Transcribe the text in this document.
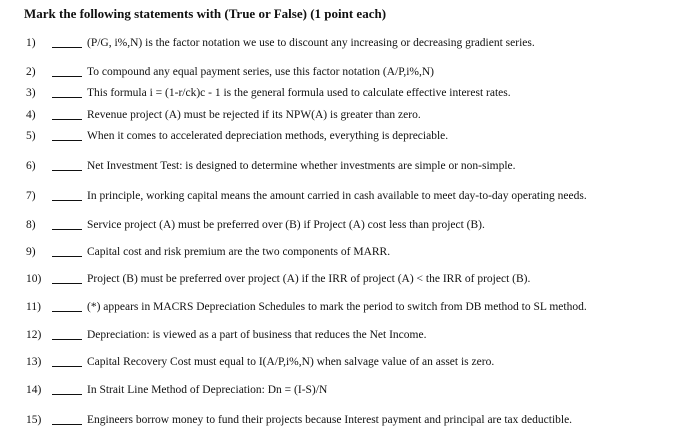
Mark the following statements with (True or False) (1 point each)
1)	(P/G, i%,N) is the factor notation we use to discount any increasing or decreasing gradient series.
2)	To compound any equal payment series, use this factor notation (A/P,i%,N)
3)	This formula i = (1-r/ck)c - 1 is the general formula used to calculate effective interest rates.
4)	Revenue project (A) must be rejected if its NPW(A) is greater than zero.
5)	When it comes to accelerated depreciation methods, everything is depreciable.
6)	Net Investment Test: is designed to determine whether investments are simple or non-simple.
7)	In principle, working capital means the amount carried in cash available to meet day-to-day operating needs.
8)	Service project (A) must be preferred over (B) if Project (A) cost less than project (B).
9)	Capital cost and risk premium are the two components of MARR.
10)	Project (B) must be preferred over project (A) if the IRR of project (A) < the IRR of project (B).
11)	(*) appears in MACRS Depreciation Schedules to mark the period to switch from DB method to SL method.
12)	Depreciation: is viewed as a part of business that reduces the Net Income.
13)	Capital Recovery Cost must equal to I(A/P,i%,N) when salvage value of an asset is zero.
14)	In Strait Line Method of Depreciation: Dn = (I-S)/N
15)	Engineers borrow money to fund their projects because Interest payment and principal are tax deductible.
